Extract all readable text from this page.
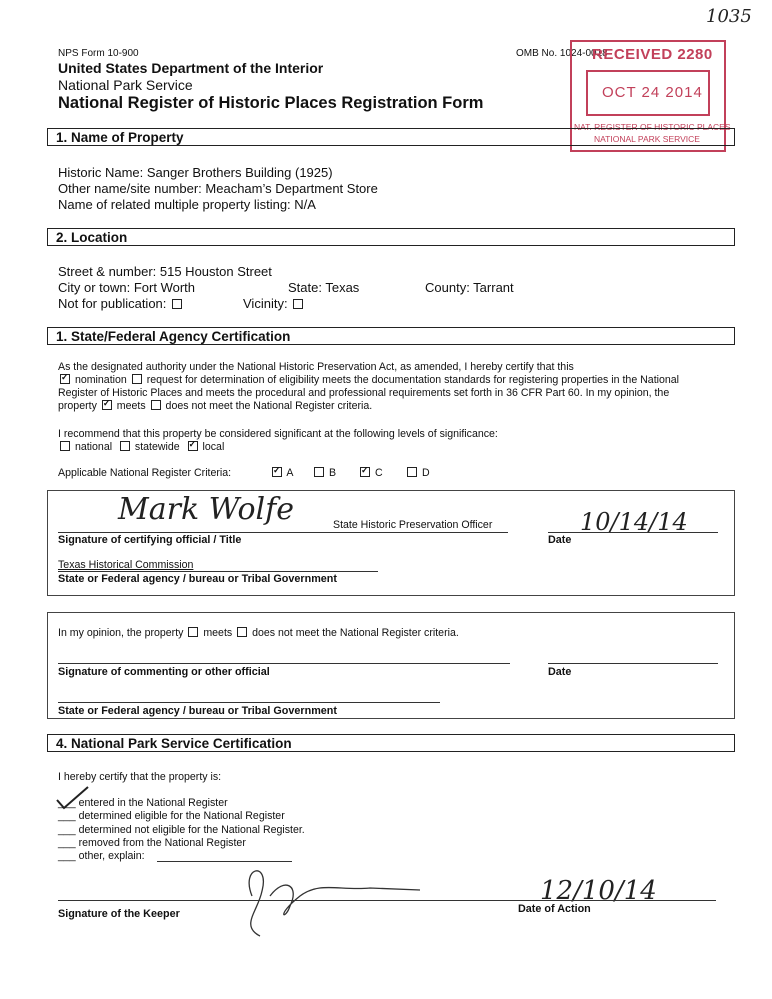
NPS Form 10-900	OMB No. 1024-0018
United States Department of the Interior
National Park Service
National Register of Historic Places Registration Form
1035
RECEIVED 2280
OCT 24 2014
NAT. REGISTER OF HISTORIC PLACES
NATIONAL PARK SERVICE
1. Name of Property
Historic Name: Sanger Brothers Building (1925)
Other name/site number: Meacham’s Department Store
Name of related multiple property listing: N/A
2. Location
Street & number: 515 Houston Street
City or town: Fort Worth	State: Texas	County: Tarrant
Not for publication:	Vicinity:
1. State/Federal Agency Certification
As the designated authority under the National Historic Preservation Act, as amended, I hereby certify that this
✓ nomination request for determination of eligibility meets the documentation standards for registering properties in the National
Register of Historic Places and meets the procedural and professional requirements set forth in 36 CFR Part 60. In my opinion, the
property ✓ meets does not meet the National Register criteria.
I recommend that this property be considered significant at the following levels of significance:
national statewide ✓ local
Applicable National Register Criteria: ✓	A	B ✓	C	D
Mark Wolfe	State Historic Preservation Officer
Signature of certifying official / Title
10/14/14
Date
Texas Historical Commission
State or Federal agency / bureau or Tribal Government
In my opinion, the property meets does not meet the National Register criteria.
Signature of commenting or other official	Date
State or Federal agency / bureau or Tribal Government
4. National Park Service Certification
I hereby certify that the property is:
___ entered in the National Register
___ determined eligible for the National Register
___ determined not eligible for the National Register.
___ removed from the National Register
___ other, explain:
Signature of the Keeper
12/10/14
Date of Action
